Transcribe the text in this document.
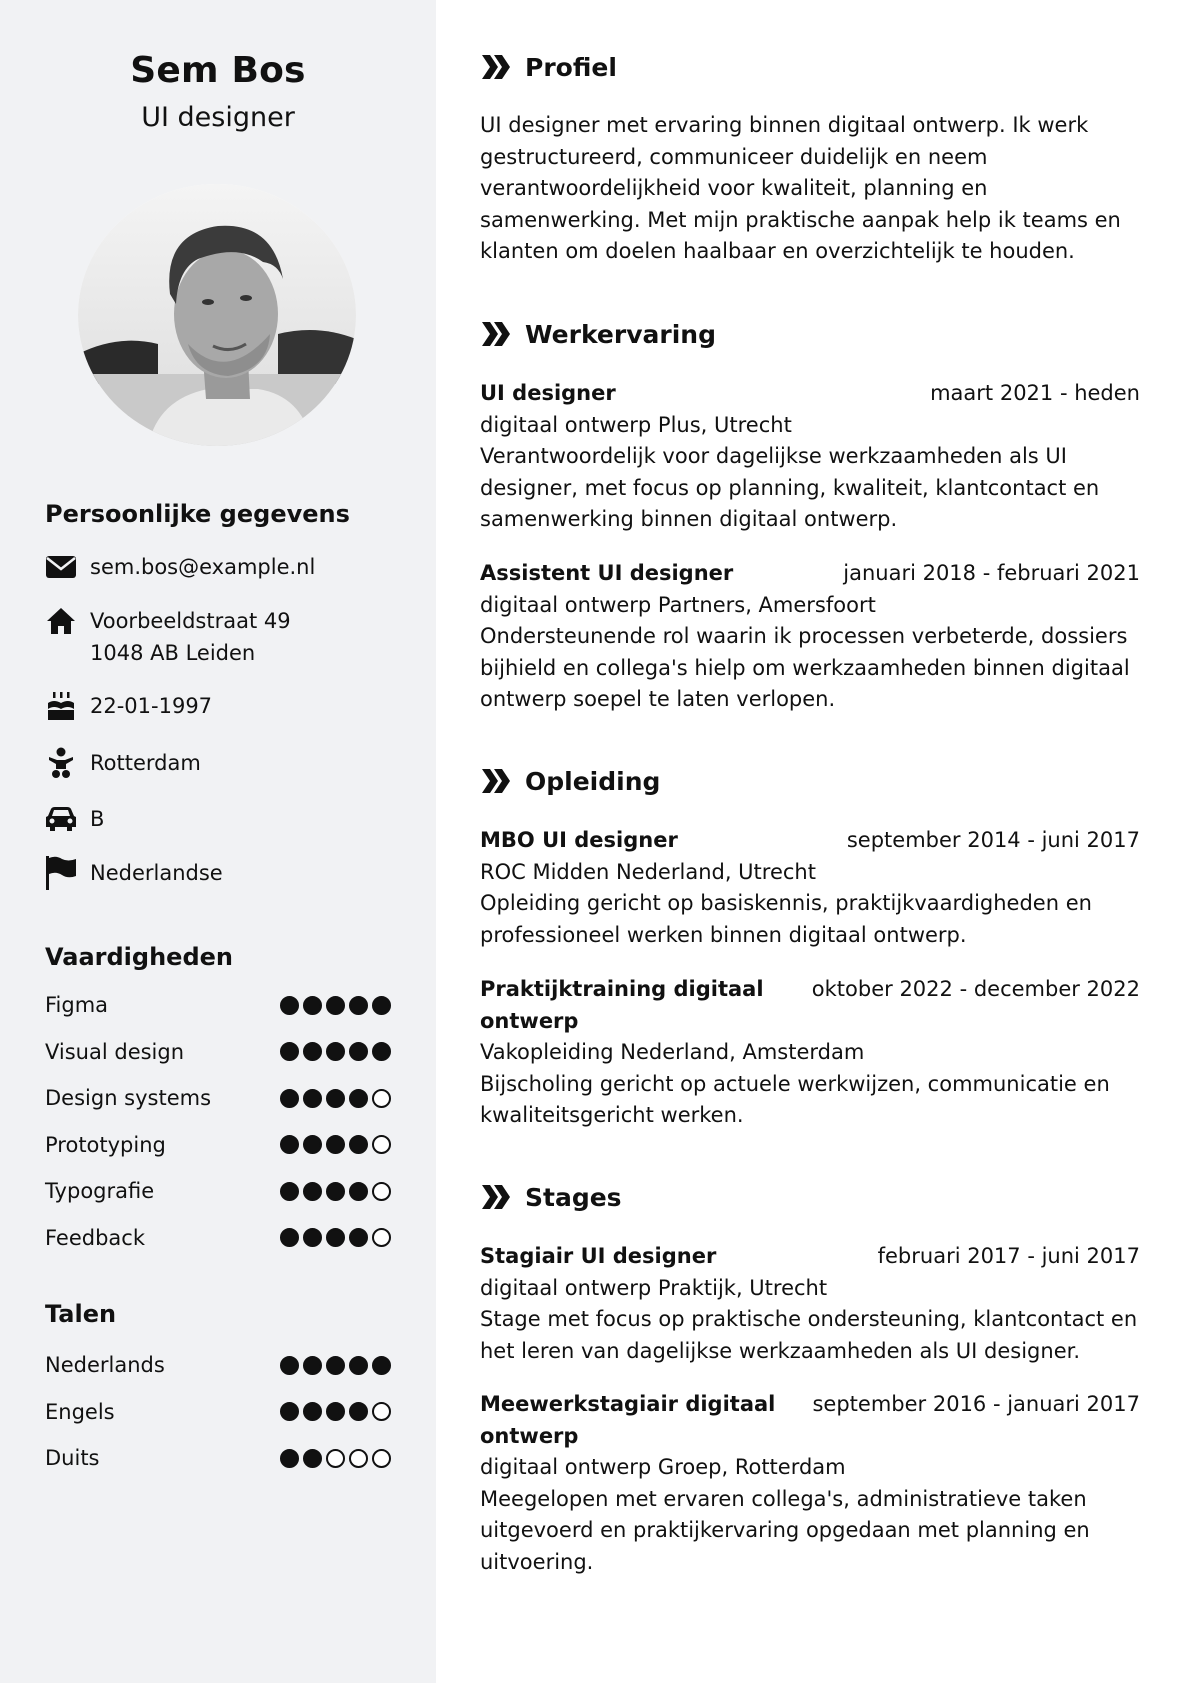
Sem Bos
UI designer
Persoonlijke gegevens
sem.bos@example.nl
Voorbeeldstraat 49
1048 AB Leiden
22-01-1997
Rotterdam
B
Nederlandse
Vaardigheden
Figma
Visual design
Design systems
Prototyping
Typografie
Feedback
Talen
Nederlands
Engels
Duits
Profiel
UI designer met ervaring binnen digitaal ontwerp. Ik werk gestructureerd, communiceer duidelijk en neem verantwoordelijkheid voor kwaliteit, planning en samenwerking. Met mijn praktische aanpak help ik teams en klanten om doelen haalbaar en overzichtelijk te houden.
Werkervaring
UI designer	maart 2021 - heden
digitaal ontwerp Plus, Utrecht
Verantwoordelijk voor dagelijkse werkzaamheden als UI designer, met focus op planning, kwaliteit, klantcontact en samenwerking binnen digitaal ontwerp.
Assistent UI designer	januari 2018 - februari 2021
digitaal ontwerp Partners, Amersfoort
Ondersteunende rol waarin ik processen verbeterde, dossiers bijhield en collega's hielp om werkzaamheden binnen digitaal ontwerp soepel te laten verlopen.
Opleiding
MBO UI designer	september 2014 - juni 2017
ROC Midden Nederland, Utrecht
Opleiding gericht op basiskennis, praktijkvaardigheden en professioneel werken binnen digitaal ontwerp.
Praktijktraining digitaal ontwerp
oktober 2022 - december 2022
Vakopleiding Nederland, Amsterdam
Bijscholing gericht op actuele werkwijzen, communicatie en kwaliteitsgericht werken.
Stages
Stagiair UI designer	februari 2017 - juni 2017
digitaal ontwerp Praktijk, Utrecht
Stage met focus op praktische ondersteuning, klantcontact en het leren van dagelijkse werkzaamheden als UI designer.
Meewerkstagiair digitaal ontwerp
september 2016 - januari 2017
digitaal ontwerp Groep, Rotterdam
Meegelopen met ervaren collega's, administratieve taken uitgevoerd en praktijkervaring opgedaan met planning en uitvoering.
